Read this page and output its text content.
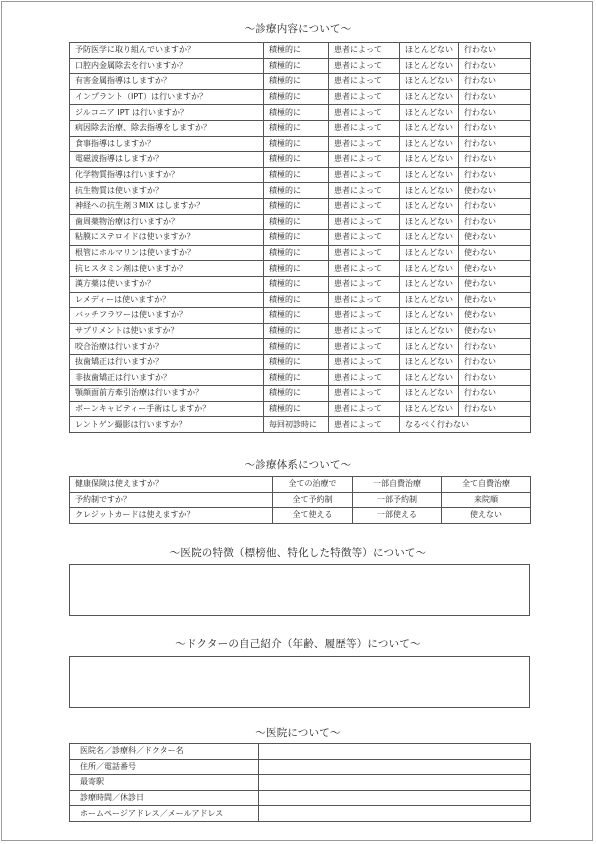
～診療内容について～
予防医学に取り組んでいますか？	積極的に	患者によって	ほとんどない	行わない
口腔内金属除去を行いますか？	積極的に	患者によって	ほとんどない	行わない
有害金属指導はしますか？	積極的に	患者によって	ほとんどない	行わない
インプラント（IPT）は行いますか？	積極的に	患者によって	ほとんどない	行わない
ジルコニア IPT は行いますか？	積極的に	患者によって	ほとんどない	行わない
病因除去治療、除去指導をしますか？	積極的に	患者によって	ほとんどない	行わない
食事指導はしますか？	積極的に	患者によって	ほとんどない	行わない
電磁波指導はしますか？	積極的に	患者によって	ほとんどない	行わない
化学物質指導は行いますか？	積極的に	患者によって	ほとんどない	行わない
抗生物質は使いますか？	積極的に	患者によって	ほとんどない	使わない
神経への抗生剤３MIX はしますか？	積極的に	患者によって	ほとんどない	行わない
歯周薬物治療は行いますか？	積極的に	患者によって	ほとんどない	行わない
粘膜にステロイドは使いますか？	積極的に	患者によって	ほとんどない	使わない
根管にホルマリンは使いますか？	積極的に	患者によって	ほとんどない	使わない
抗ヒスタミン剤は使いますか？	積極的に	患者によって	ほとんどない	使わない
漢方薬は使いますか？	積極的に	患者によって	ほとんどない	使わない
レメディーは使いますか？	積極的に	患者によって	ほとんどない	使わない
バッチフラワーは使いますか？	積極的に	患者によって	ほとんどない	使わない
サプリメントは使いますか？	積極的に	患者によって	ほとんどない	使わない
咬合治療は行いますか？	積極的に	患者によって	ほとんどない	行わない
抜歯矯正は行いますか？	積極的に	患者によって	ほとんどない	行わない
非抜歯矯正は行いますか？	積極的に	患者によって	ほとんどない	行わない
顎顔面前方牽引治療は行いますか？	積極的に	患者によって	ほとんどない	行わない
ボーンキャビティー手術はしますか？	積極的に	患者によって	ほとんどない	行わない
レントゲン撮影は行いますか？	毎回初診時に	患者によって	なるべく行わない	
～診療体系について～
健康保険は使えますか？	全ての治療で	一部自費治療	全て自費治療
予約制ですか？	全て予約制	一部予約制	来院順
クレジットカードは使えますか？	全て使える	一部使える	使えない
～医院の特徴（標榜他、特化した特徴等）について～
～ドクターの自己紹介（年齢、履歴等）について～
～医院について～
医院名／診療科／ドクター名	
住所／電話番号	
最寄駅	
診療時間／休診日	
ホームページアドレス／メールアドレス	
